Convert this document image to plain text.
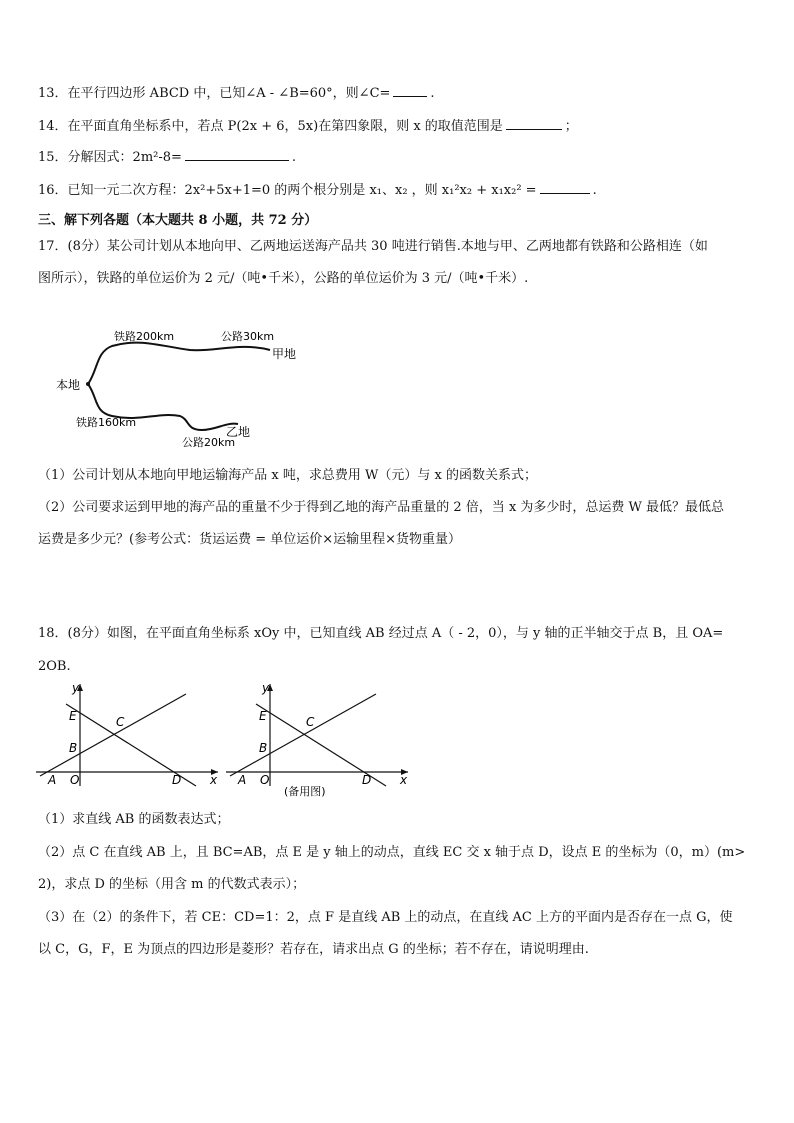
13．在平行四边形 ABCD 中，已知∠A - ∠B=60°，则∠C=	.
14．在平面直角坐标系中，若点 P(2x + 6，5x)在第四象限，则 x 的取值范围是	；
15．分解因式：2m²-8=	.
16．已知一元二次方程：2x²+5x+1=0 的两个根分别是 x₁、x₂ ，则 x₁²x₂ + x₁x₂² =	.
三、解下列各题（本大题共 8 小题，共 72 分）
17．(8分）某公司计划从本地向甲、乙两地运送海产品共 30 吨进行销售.本地与甲、乙两地都有铁路和公路相连（如
图所示），铁路的单位运价为 2 元/（吨•千米），公路的单位运价为 3 元/（吨•千米）.
本地
铁路200km	公路30km
甲地
铁路160km
公路20km
乙地
（1）公司计划从本地向甲地运输海产品 x 吨，求总费用 W（元）与 x 的函数关系式；
（2）公司要求运到甲地的海产品的重量不少于得到乙地的海产品重量的 2 倍，当 x 为多少时，总运费 W 最低？最低总
运费是多少元？(参考公式：货运运费 = 单位运价×运输里程×货物重量）
18．(8分）如图，在平面直角坐标系 xOy 中，已知直线 AB 经过点 A（ - 2，0），与 y 轴的正半轴交于点 B，且 OA=
2OB.
y
x
E	C
B
A O	D
y
x
E	C
B
A O	D
(备用图)
（1）求直线 AB 的函数表达式；
（2）点 C 在直线 AB 上，且 BC=AB，点 E 是 y 轴上的动点，直线 EC 交 x 轴于点 D，设点 E 的坐标为（0，m）(m>
2)，求点 D 的坐标（用含 m 的代数式表示）；
（3）在（2）的条件下，若 CE：CD=1：2，点 F 是直线 AB 上的动点，在直线 AC 上方的平面内是否存在一点 G，使
以 C，G，F，E 为顶点的四边形是菱形？若存在，请求出点 G 的坐标；若不存在，请说明理由.
